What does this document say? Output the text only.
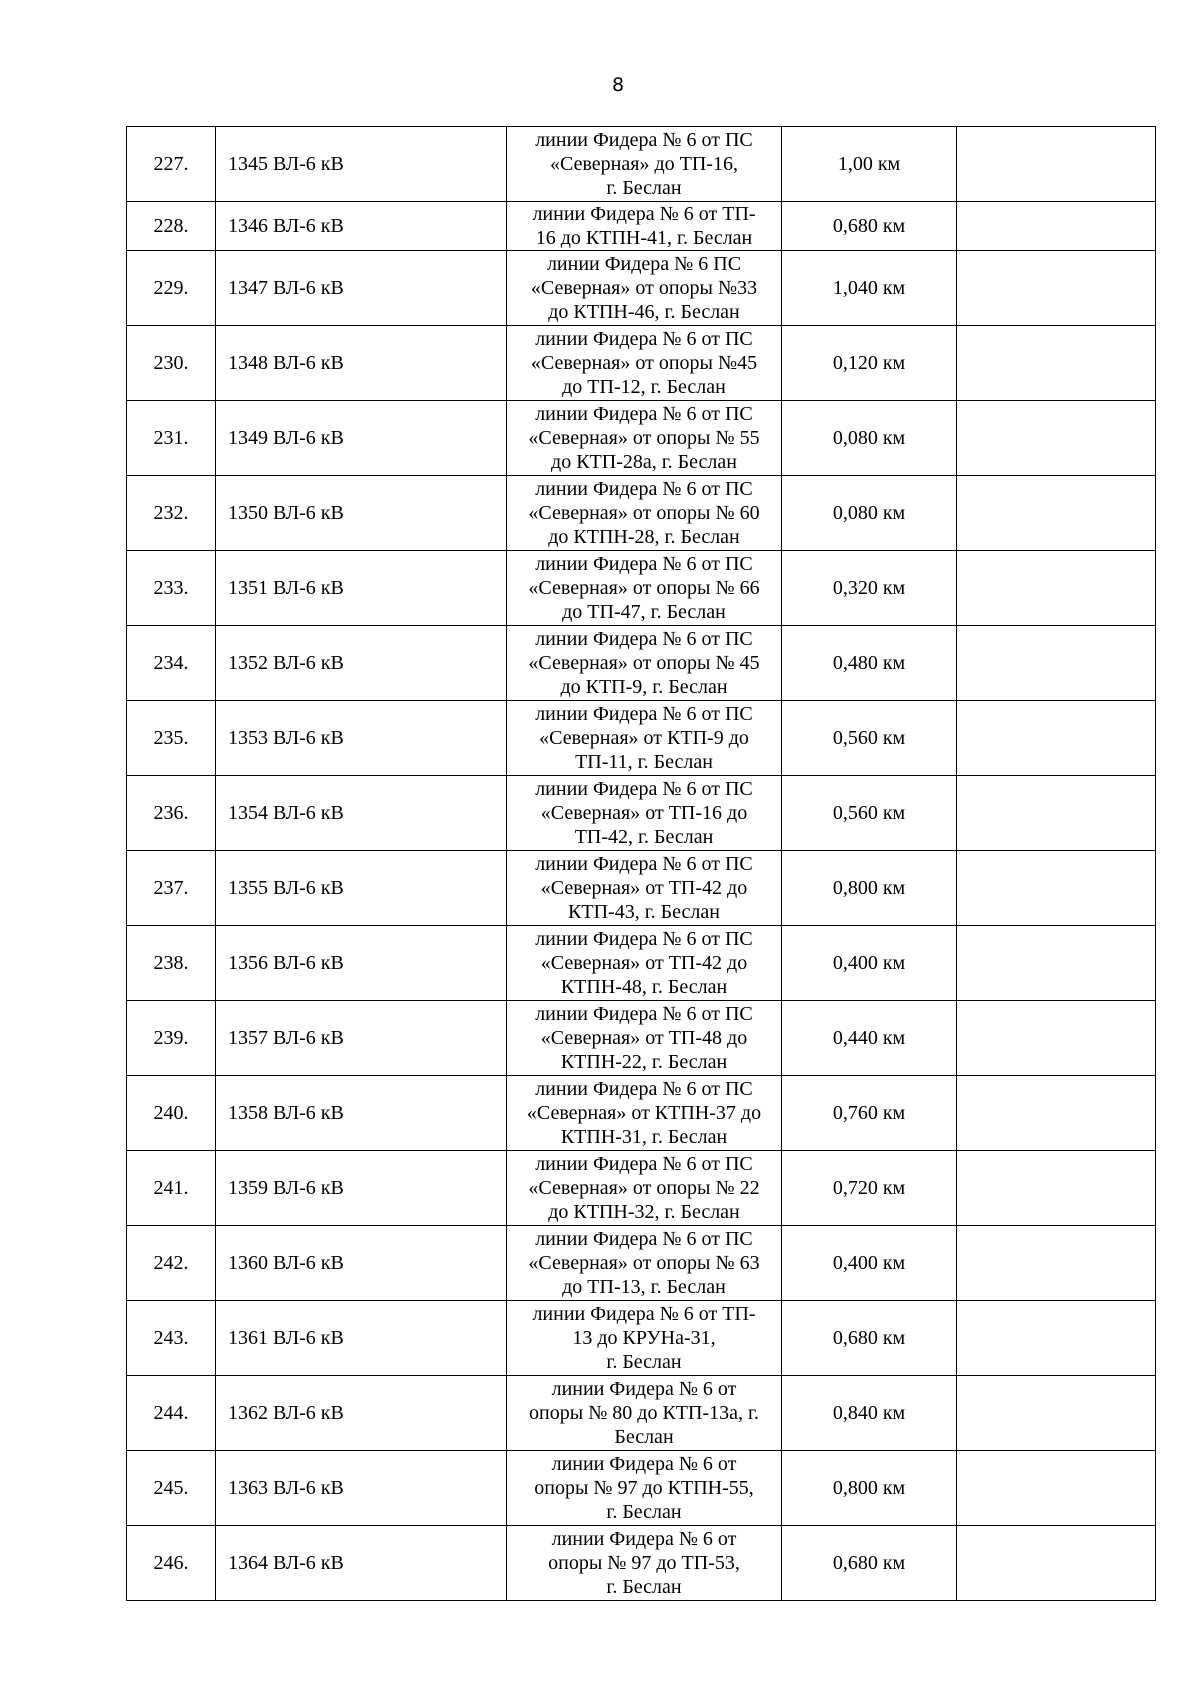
8
227.	1345 ВЛ-6 кВ	линии Фидера № 6 от ПС
«Северная» до ТП-16,
г. Беслан	1,00 км	
228.	1346 ВЛ-6 кВ	линии Фидера № 6 от ТП-
16 до КТПН-41, г. Беслан	0,680 км	
229.	1347 ВЛ-6 кВ	линии Фидера № 6 ПС
«Северная» от опоры №33
до КТПН-46, г. Беслан	1,040 км	
230.	1348 ВЛ-6 кВ	линии Фидера № 6 от ПС
«Северная» от опоры №45
до ТП-12, г. Беслан	0,120 км	
231.	1349 ВЛ-6 кВ	линии Фидера № 6 от ПС
«Северная» от опоры № 55
до КТП-28а, г. Беслан	0,080 км	
232.	1350 ВЛ-6 кВ	линии Фидера № 6 от ПС
«Северная» от опоры № 60
до КТПН-28, г. Беслан	0,080 км	
233.	1351 ВЛ-6 кВ	линии Фидера № 6 от ПС
«Северная» от опоры № 66
до ТП-47, г. Беслан	0,320 км	
234.	1352 ВЛ-6 кВ	линии Фидера № 6 от ПС
«Северная» от опоры № 45
до КТП-9, г. Беслан	0,480 км	
235.	1353 ВЛ-6 кВ	линии Фидера № 6 от ПС
«Северная» от КТП-9 до
ТП-11, г. Беслан	0,560 км	
236.	1354 ВЛ-6 кВ	линии Фидера № 6 от ПС
«Северная» от ТП-16 до
ТП-42, г. Беслан	0,560 км	
237.	1355 ВЛ-6 кВ	линии Фидера № 6 от ПС
«Северная» от ТП-42 до
КТП-43, г. Беслан	0,800 км	
238.	1356 ВЛ-6 кВ	линии Фидера № 6 от ПС
«Северная» от ТП-42 до
КТПН-48, г. Беслан	0,400 км	
239.	1357 ВЛ-6 кВ	линии Фидера № 6 от ПС
«Северная» от ТП-48 до
КТПН-22, г. Беслан	0,440 км	
240.	1358 ВЛ-6 кВ	линии Фидера № 6 от ПС
«Северная» от КТПН-37 до
КТПН-31, г. Беслан	0,760 км	
241.	1359 ВЛ-6 кВ	линии Фидера № 6 от ПС
«Северная» от опоры № 22
до КТПН-32, г. Беслан	0,720 км	
242.	1360 ВЛ-6 кВ	линии Фидера № 6 от ПС
«Северная» от опоры № 63
до ТП-13, г. Беслан	0,400 км	
243.	1361 ВЛ-6 кВ	линии Фидера № 6 от ТП-
13 до КРУНа-31,
г. Беслан	0,680 км	
244.	1362 ВЛ-6 кВ	линии Фидера № 6 от
опоры № 80 до КТП-13а, г.
Беслан	0,840 км	
245.	1363 ВЛ-6 кВ	линии Фидера № 6 от
опоры № 97 до КТПН-55,
г. Беслан	0,800 км	
246.	1364 ВЛ-6 кВ	линии Фидера № 6 от
опоры № 97 до ТП-53,
г. Беслан	0,680 км	
